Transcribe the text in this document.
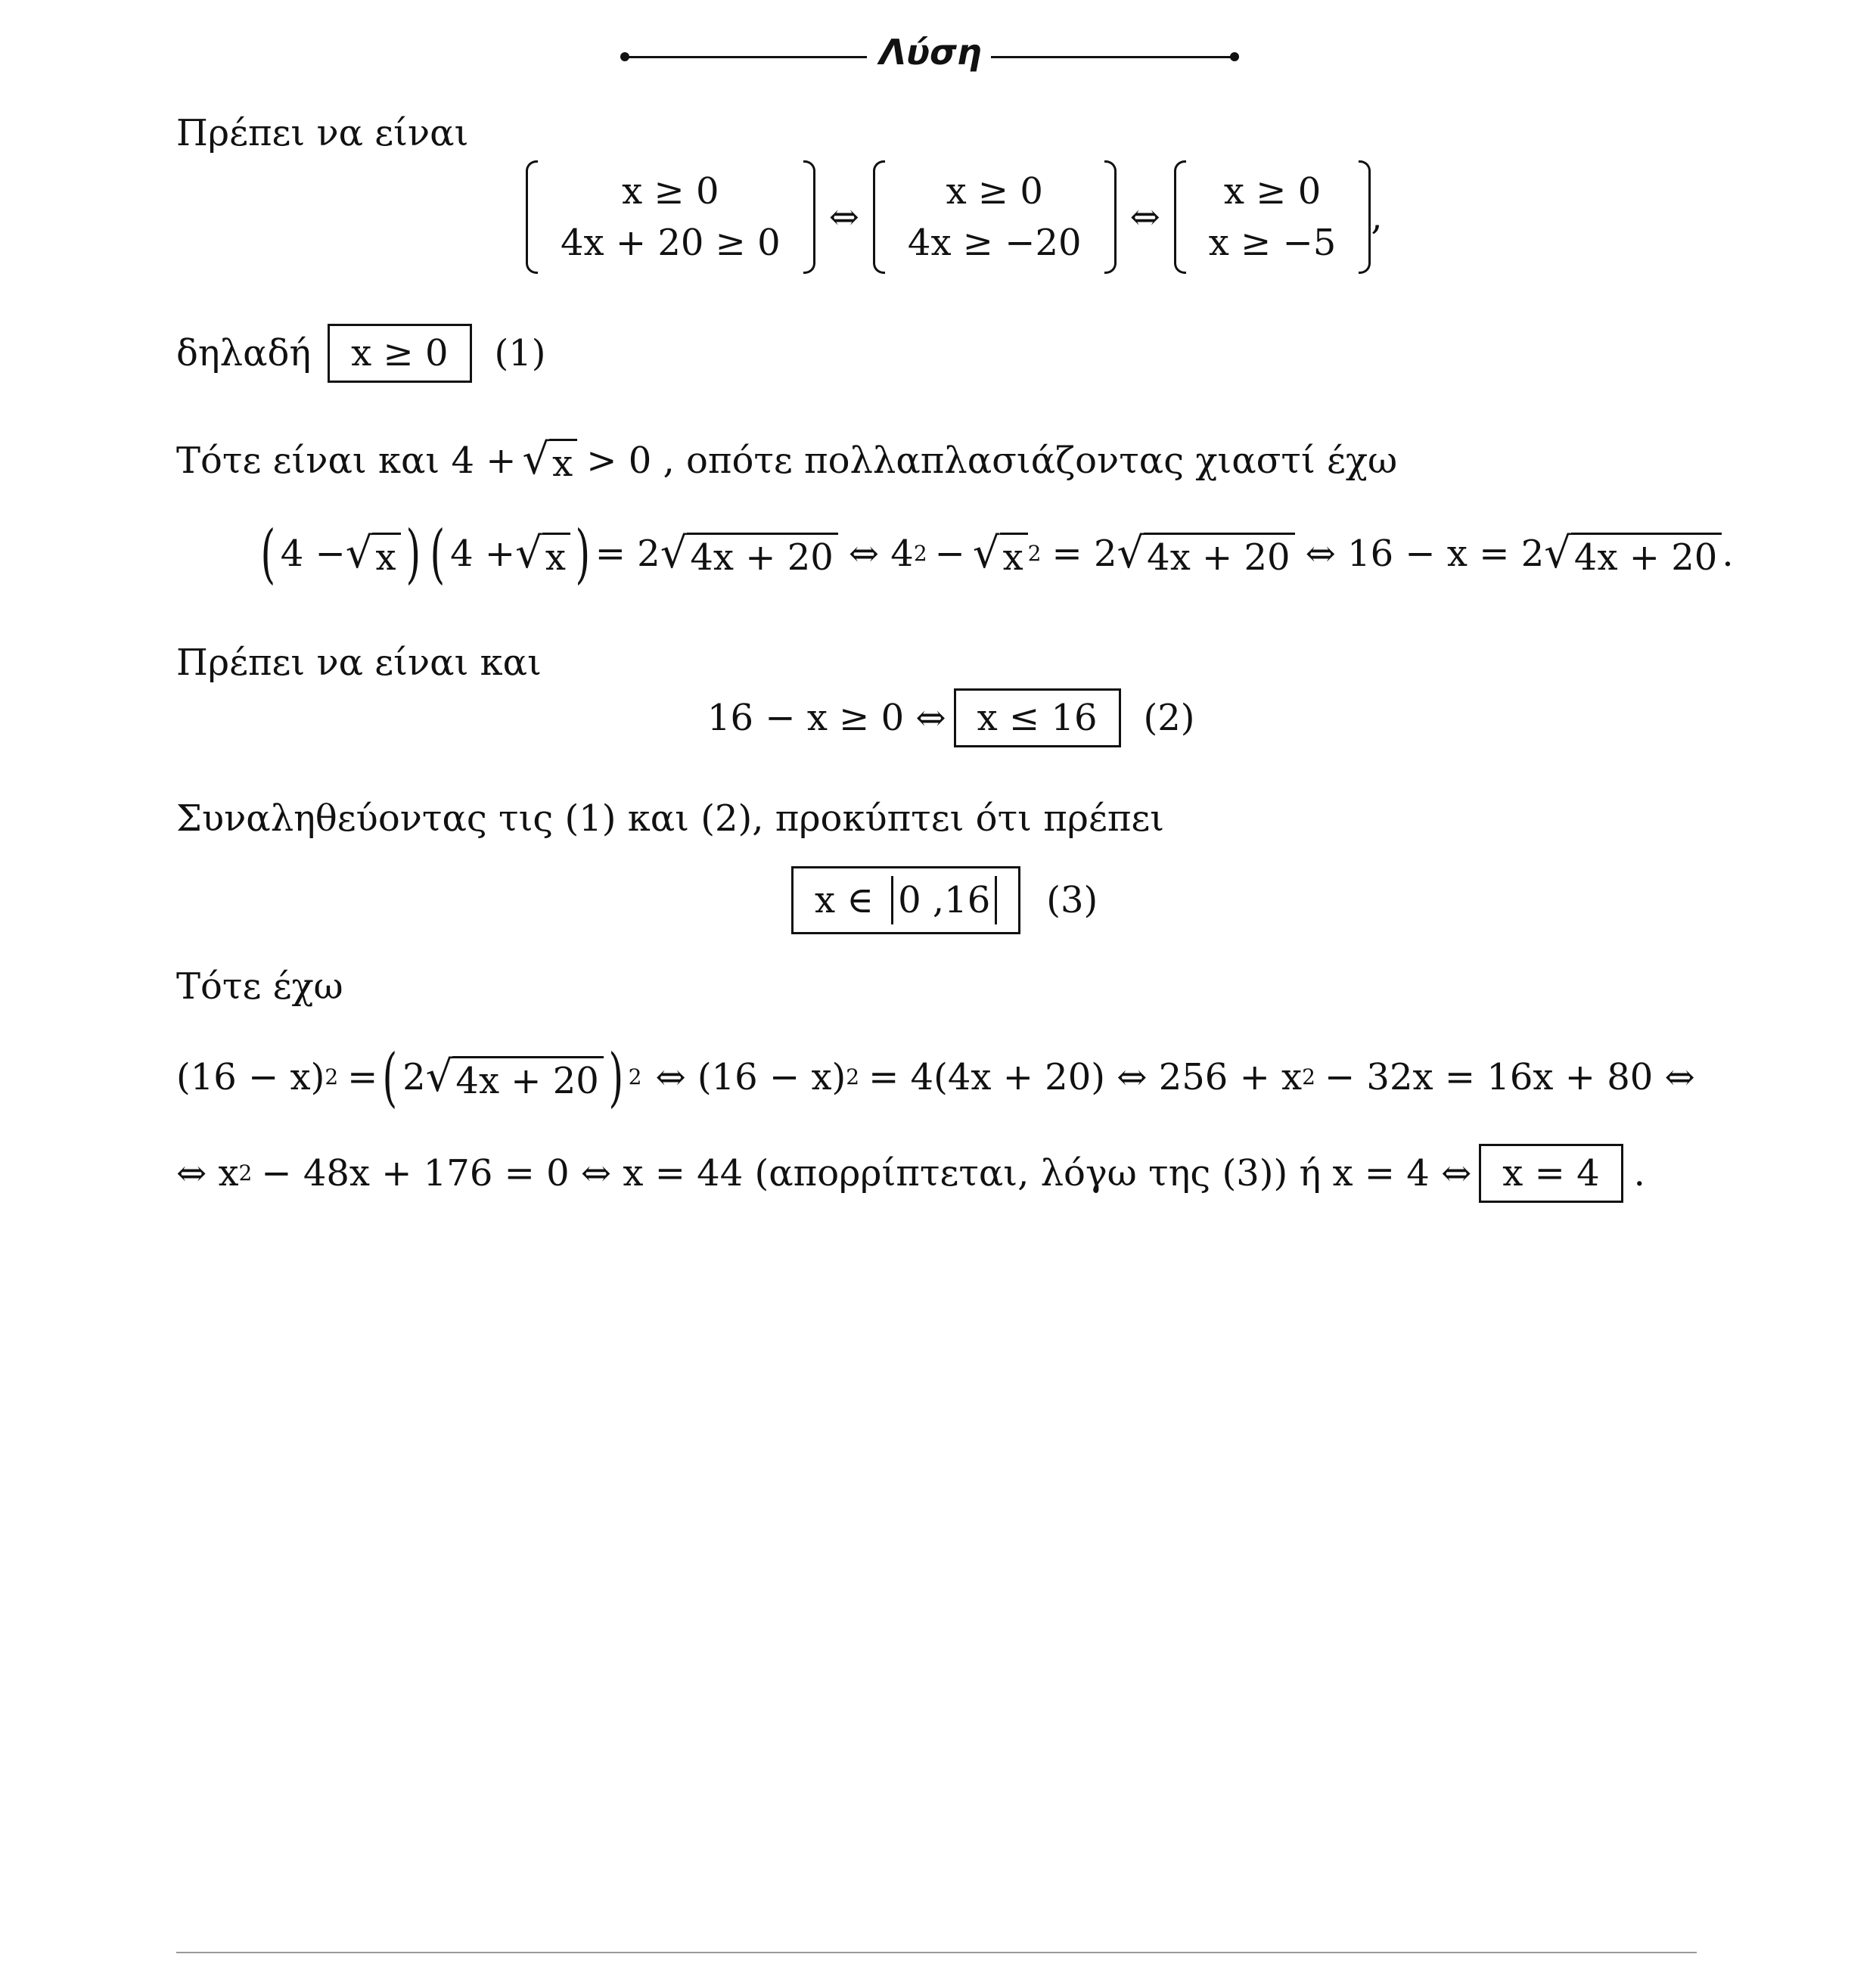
Λύση
Πρέπει να είναι
x ≥ 0
4x + 20 ≥ 0
⇔
x ≥ 0
4x ≥ −20
⇔
x ≥ 0
x ≥ −5
,
δηλαδή	x ≥ 0	(1)
Τότε είναι και 4 + √ x > 0 , οπότε πολλαπλασιάζοντας χιαστί έχω
( 4 − √ x ) ( 4 + √ x ) = 2 √ 4x + 20 ⇔ 4 2 − √ x 2 = 2 √ 4x + 20 ⇔ 16 − x = 2 √ 4x + 20 .
Πρέπει να είναι και
16 − x ≥ 0 ⇔ x ≤ 16	(2)
Συναληθεύοντας τις (1) και (2), προκύπτει ότι πρέπει
x ∈ 0 ,16	(3)
Τότε έχω
(16 − x) 2 = ( 2 √ 4x + 20 ) 2 ⇔ (16 − x) 2 = 4(4x + 20) ⇔ 256 + x 2 − 32x = 16x + 80 ⇔
⇔ x 2 − 48x + 176 = 0 ⇔ x = 44 (απορρίπτεται, λόγω της (3)) ή x = 4 ⇔ x = 4 .
